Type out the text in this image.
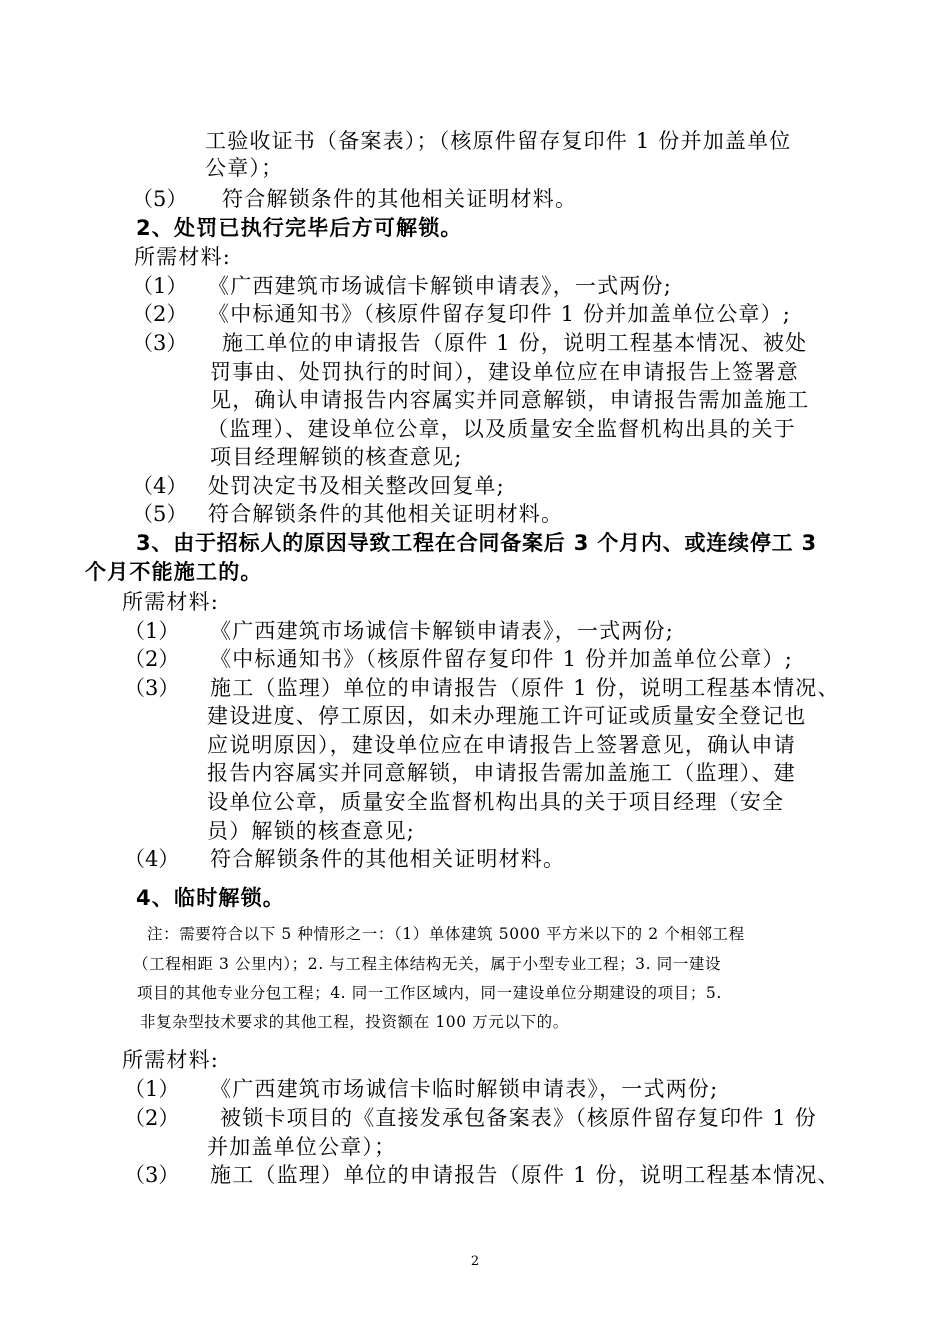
工验收证书（备案表）；（核原件留存复印件 1 份并加盖单位
公章）；
（5） 符合解锁条件的其他相关证明材料。
2、处罚已执行完毕后方可解锁。
所需材料:
（1） 《广西建筑市场诚信卡解锁申请表》，一式两份;
（2） 《中标通知书》（核原件留存复印件 1 份并加盖单位公章）;
（3） 施工单位的申请报告（原件 1 份，说明工程基本情况、被处
罚事由、处罚执行的时间），建设单位应在申请报告上签署意
见，确认申请报告内容属实并同意解锁，申请报告需加盖施工
（监理）、建设单位公章，以及质量安全监督机构出具的关于
项目经理解锁的核查意见;
（4） 处罚决定书及相关整改回复单;
（5） 符合解锁条件的其他相关证明材料。
3、由于招标人的原因导致工程在合同备案后 3 个月内、或连续停工 3
个月不能施工的。
所需材料:
（1） 《广西建筑市场诚信卡解锁申请表》，一式两份;
（2） 《中标通知书》（核原件留存复印件 1 份并加盖单位公章）;
（3） 施工（监理）单位的申请报告（原件 1 份，说明工程基本情况、
建设进度、停工原因，如未办理施工许可证或质量安全登记也
应说明原因），建设单位应在申请报告上签署意见，确认申请
报告内容属实并同意解锁，申请报告需加盖施工（监理）、建
设单位公章，质量安全监督机构出具的关于项目经理（安全
员）解锁的核查意见;
（4） 符合解锁条件的其他相关证明材料。
4、临时解锁。
注：需要符合以下 5 种情形之一：（1）单体建筑 5000 平方米以下的 2 个相邻工程
（工程相距 3 公里内）；2. 与工程主体结构无关，属于小型专业工程；3. 同一建设
项目的其他专业分包工程；4. 同一工作区域内，同一建设单位分期建设的项目；5.
非复杂型技术要求的其他工程，投资额在 100 万元以下的。
所需材料:
（1） 《广西建筑市场诚信卡临时解锁申请表》，一式两份;
（2） 被锁卡项目的《直接发承包备案表》（核原件留存复印件 1 份
并加盖单位公章）；
（3） 施工（监理）单位的申请报告（原件 1 份，说明工程基本情况、
2
